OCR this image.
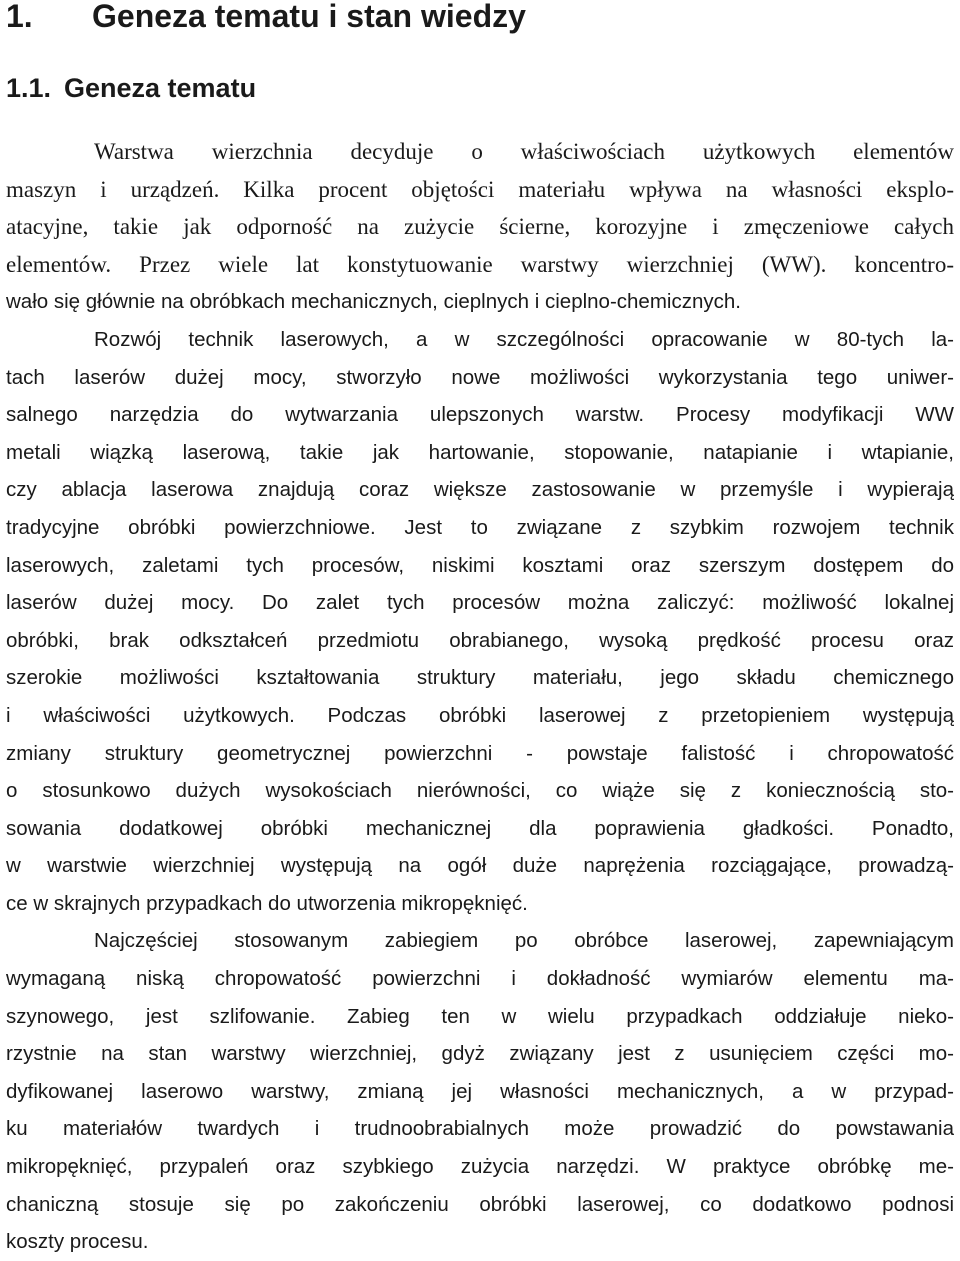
1. Geneza tematu i stan wiedzy
1.1. Geneza tematu
Warstwa wierzchnia decyduje o właściwościach użytkowych elementów
maszyn i urządzeń. Kilka procent objętości materiału wpływa na własności eksplo-
atacyjne, takie jak odporność na zużycie ścierne, korozyjne i zmęczeniowe całych
elementów. Przez wiele lat konstytuowanie warstwy wierzchniej (WW). koncentro-
wało się głównie na obróbkach mechanicznych, cieplnych i cieplno-chemicznych.
Rozwój technik laserowych, a w szczególności opracowanie w 80-tych la-
tach laserów dużej mocy, stworzyło nowe możliwości wykorzystania tego uniwer-
salnego narzędzia do wytwarzania ulepszonych warstw. Procesy modyfikacji WW
metali wiązką laserową, takie jak hartowanie, stopowanie, natapianie i wtapianie,
czy ablacja laserowa znajdują coraz większe zastosowanie w przemyśle i wypierają
tradycyjne obróbki powierzchniowe. Jest to związane z szybkim rozwojem technik
laserowych, zaletami tych procesów, niskimi kosztami oraz szerszym dostępem do
laserów dużej mocy. Do zalet tych procesów można zaliczyć: możliwość lokalnej
obróbki, brak odkształceń przedmiotu obrabianego, wysoką prędkość procesu oraz
szerokie możliwości kształtowania struktury materiału, jego składu chemicznego
i właściwości użytkowych. Podczas obróbki laserowej z przetopieniem występują
zmiany struktury geometrycznej powierzchni - powstaje falistość i chropowatość
o stosunkowo dużych wysokościach nierówności, co wiąże się z koniecznością sto-
sowania dodatkowej obróbki mechanicznej dla poprawienia gładkości. Ponadto,
w warstwie wierzchniej występują na ogół duże naprężenia rozciągające, prowadzą-
ce w skrajnych przypadkach do utworzenia mikropęknięć.
Najczęściej stosowanym zabiegiem po obróbce laserowej, zapewniającym
wymaganą niską chropowatość powierzchni i dokładność wymiarów elementu ma-
szynowego, jest szlifowanie. Zabieg ten w wielu przypadkach oddziałuje nieko-
rzystnie na stan warstwy wierzchniej, gdyż związany jest z usunięciem części mo-
dyfikowanej laserowo warstwy, zmianą jej własności mechanicznych, a w przypad-
ku materiałów twardych i trudnoobrabialnych może prowadzić do powstawania
mikropęknięć, przypaleń oraz szybkiego zużycia narzędzi. W praktyce obróbkę me-
chaniczną stosuje się po zakończeniu obróbki laserowej, co dodatkowo podnosi
koszty procesu.
